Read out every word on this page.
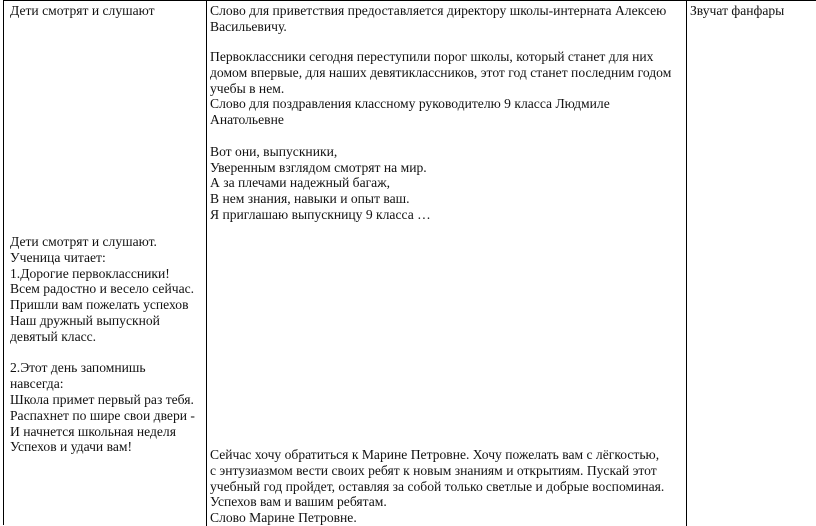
Дети смотрят и слушают

Дети смотрят и слушают.

Ученица читает:

1.Дорогие первоклассники!

Всем радостно и весело сейчас.

Пришли вам пожелать успехов

Наш дружный выпускной

девятый класс.

2.Этот день запомнишь

навсегда:

Школа примет первый раз тебя.

Распахнет по шире свои двери -

И начнется школьная неделя

Успехов и удачи вам!

Слово для приветствия предоставляется директору школы-интерната Алексею

Васильевичу.

Первоклассники сегодня переступили порог школы, который станет для них

домом впервые, для наших девятиклассников, этот год станет последним годом

учебы в нем.

Слово для поздравления классному руководителю 9 класса Людмиле

Анатольевне

Вот они, выпускники,

Уверенным взглядом смотрят на мир.

А за плечами надежный багаж,

В нем знания, навыки и опыт ваш.

Я приглашаю выпускницу 9 класса …

Сейчас хочу обратиться к Марине Петровне. Хочу пожелать вам с лёгкостью,

с энтузиазмом вести своих ребят к новым знаниям и открытиям. Пускай этот

учебный год пройдет, оставляя за собой только светлые и добрые воспоминая.

Успехов вам и вашим ребятам.

Слово Марине Петровне.

Звучат фанфары
